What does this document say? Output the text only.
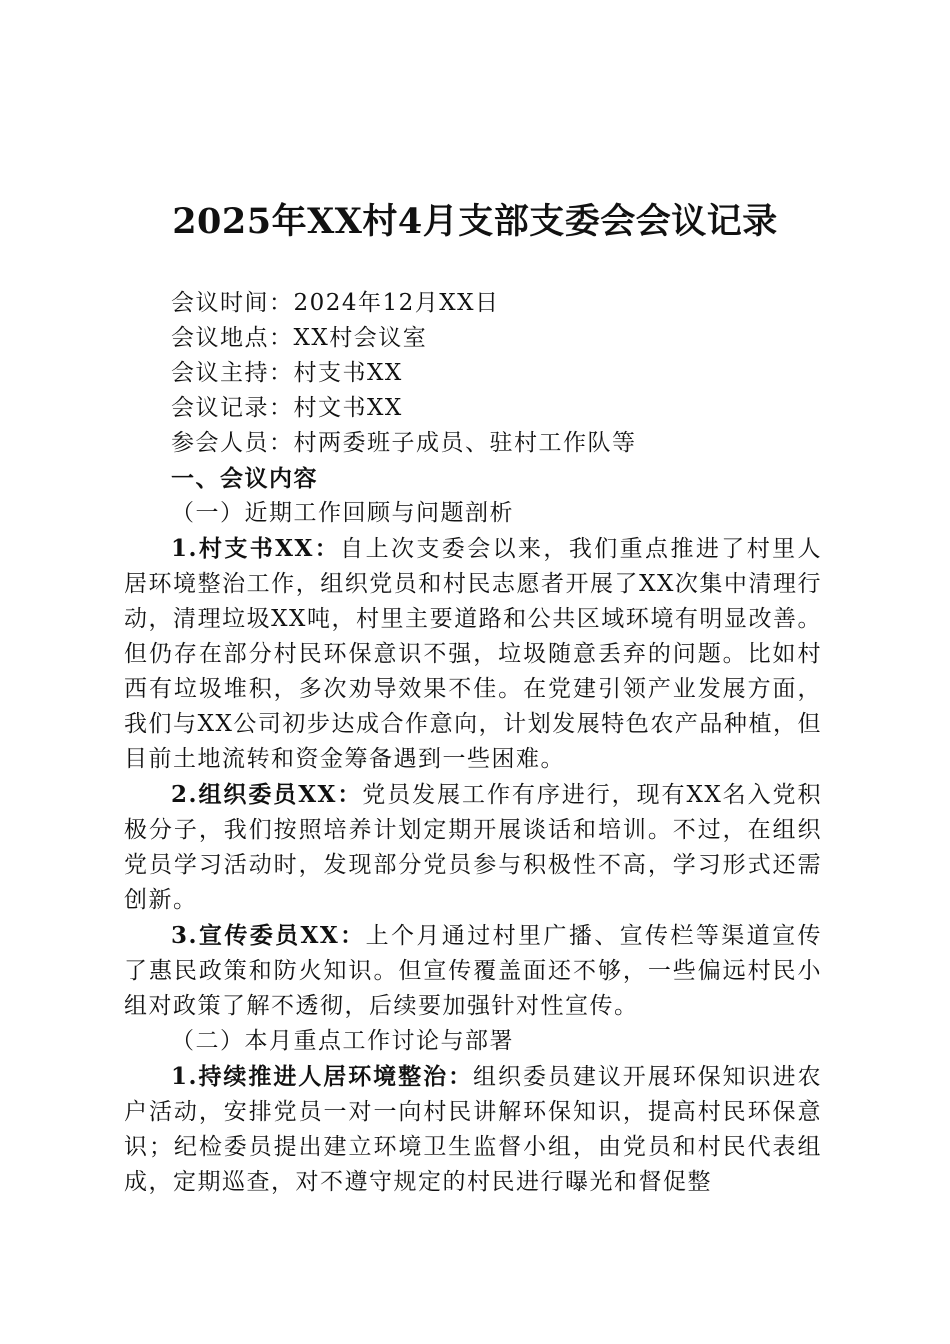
2025年XX村4月支部支委会会议记录

会议时间：2024年12月XX日

会议地点：XX村会议室

会议主持：村支书XX

会议记录：村文书XX

参会人员：村两委班子成员、驻村工作队等

一、会议内容

（一）近期工作回顾与问题剖析

1.村支书XX：自上次支委会以来，我们重点推进了村里人居环境整治工作，组织党员和村民志愿者开展了XX次集中清理行动，清理垃圾XX吨，村里主要道路和公共区域环境有明显改善。但仍存在部分村民环保意识不强，垃圾随意丢弃的问题。比如村西有垃圾堆积，多次劝导效果不佳。在党建引领产业发展方面，我们与XX公司初步达成合作意向，计划发展特色农产品种植，但目前土地流转和资金筹备遇到一些困难。

2.组织委员XX：党员发展工作有序进行，现有XX名入党积极分子，我们按照培养计划定期开展谈话和培训。不过，在组织党员学习活动时，发现部分党员参与积极性不高，学习形式还需创新。

3.宣传委员XX：上个月通过村里广播、宣传栏等渠道宣传了惠民政策和防火知识。但宣传覆盖面还不够，一些偏远村民小组对政策了解不透彻，后续要加强针对性宣传。

（二）本月重点工作讨论与部署

1.持续推进人居环境整治：组织委员建议开展环保知识进农户活动，安排党员一对一向村民讲解环保知识，提高村民环保意识；纪检委员提出建立环境卫生监督小组，由党员和村民代表组成，定期巡查，对不遵守规定的村民进行曝光和督促整
